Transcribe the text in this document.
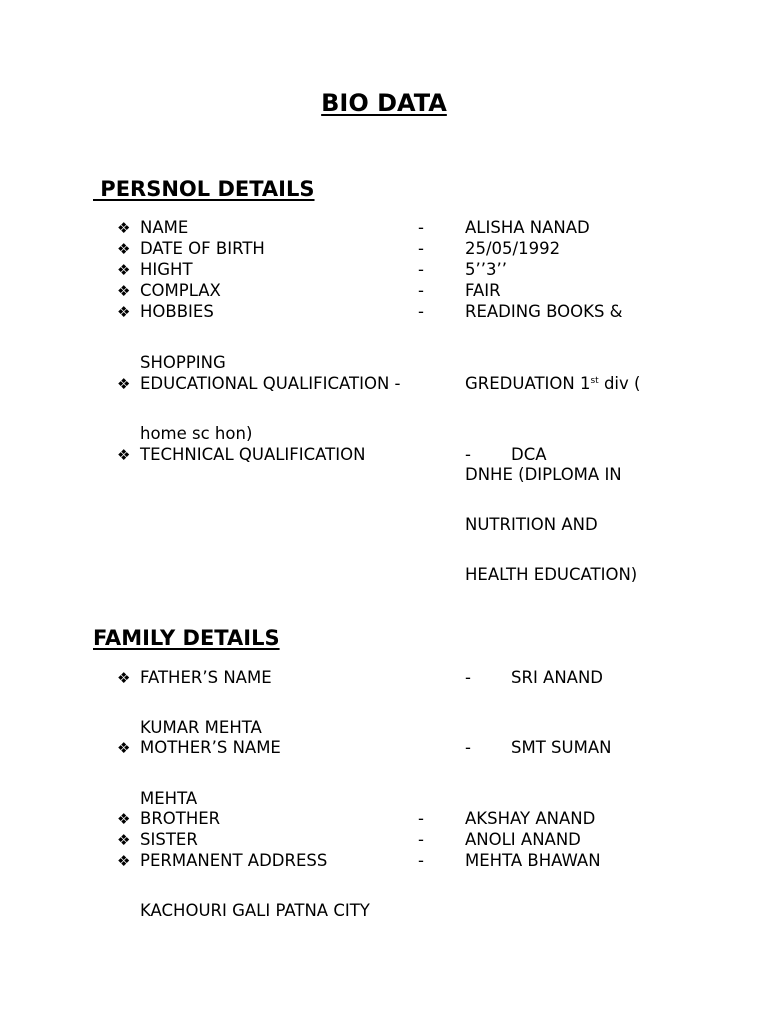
BIO DATA
PERSNOL DETAILS
❖ NAME	- ALISHA NANAD
❖ DATE OF BIRTH	- 25/05/1992
❖ HIGHT	- 5’’3’’
❖ COMPLAX	- FAIR
❖ HOBBIES	- READING BOOKS &
SHOPPING
❖ EDUCATIONAL QUALIFICATION -	GREDUATION 1st div (
home sc hon)
❖ TECHNICAL QUALIFICATION	- DCA
DNHE (DIPLOMA IN
NUTRITION AND
HEALTH EDUCATION)
FAMILY DETAILS
❖ FATHER’S NAME	- SRI ANAND
KUMAR MEHTA
❖ MOTHER’S NAME	- SMT SUMAN
MEHTA
❖ BROTHER	- AKSHAY ANAND
❖ SISTER	- ANOLI ANAND
❖ PERMANENT ADDRESS	- MEHTA BHAWAN
KACHOURI GALI PATNA CITY
